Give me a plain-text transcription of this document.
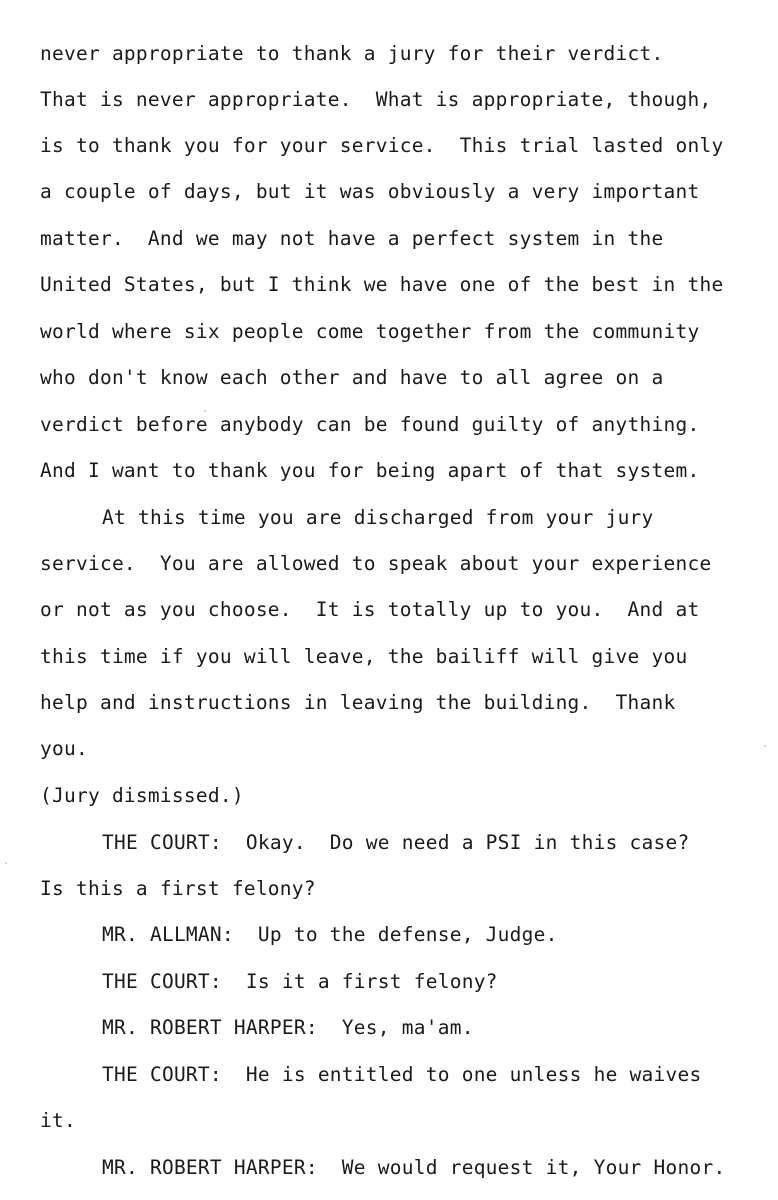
never appropriate to thank a jury for their verdict.
That is never appropriate.  What is appropriate, though,
is to thank you for your service.  This trial lasted only
a couple of days, but it was obviously a very important
matter.  And we may not have a perfect system in the
United States, but I think we have one of the best in the
world where six people come together from the community
who don't know each other and have to all agree on a
verdict before anybody can be found guilty of anything.
And I want to thank you for being apart of that system.
At this time you are discharged from your jury
service.  You are allowed to speak about your experience
or not as you choose.  It is totally up to you.  And at
this time if you will leave, the bailiff will give you
help and instructions in leaving the building.  Thank
you.
(Jury dismissed.)
THE COURT:  Okay.  Do we need a PSI in this case?
Is this a first felony?
MR. ALLMAN:  Up to the defense, Judge.
THE COURT:  Is it a first felony?
MR. ROBERT HARPER:  Yes, ma'am.
THE COURT:  He is entitled to one unless he waives
it.
MR. ROBERT HARPER:  We would request it, Your Honor.
